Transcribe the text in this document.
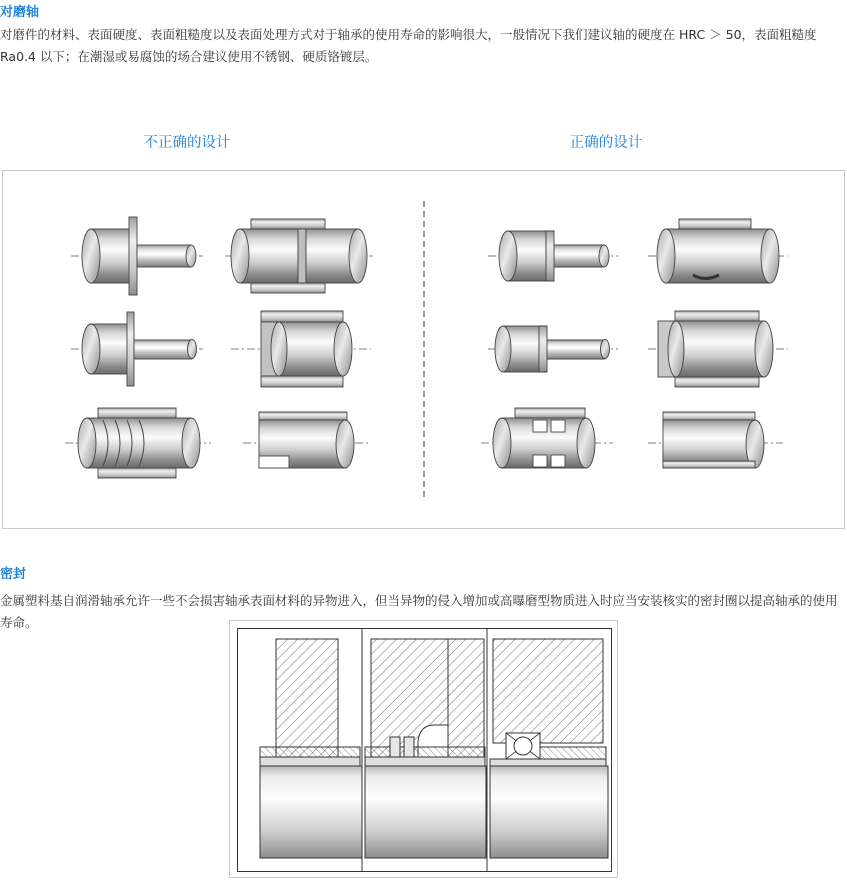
对磨轴

对磨件的材料、表面硬度、表面粗糙度以及表面处理方式对于轴承的使用寿命的影响很大，一般情况下我们建议轴的硬度在 HRC ＞ 50，表面粗糙度 Ra0.4 以下；在潮湿或易腐蚀的场合建议使用不锈钢、硬质铬镀层。

不正确的设计	正确的设计
密封

金属塑料基自润滑轴承允许一些不会损害轴承表面材料的异物进入，但当异物的侵入增加或高曝磨型物质进入时应当安装核实的密封圈以提高轴承的使用寿命。
